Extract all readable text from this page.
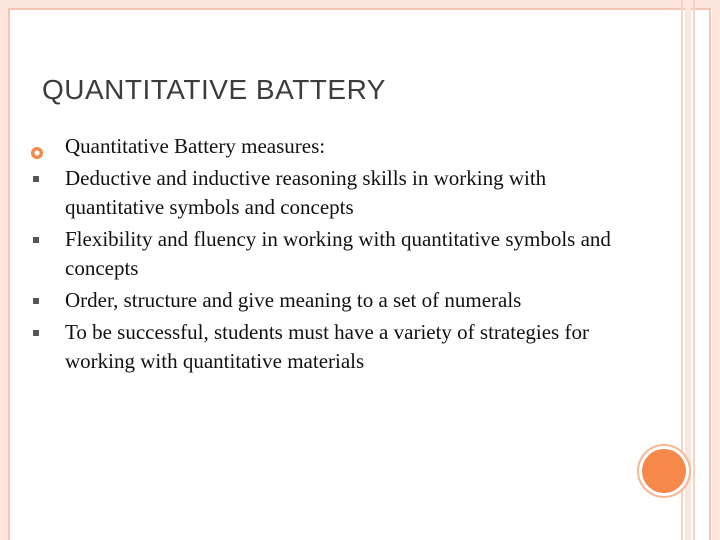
QUANTITATIVE BATTERY
Quantitative Battery measures:
Deductive and inductive reasoning skills in working with quantitative symbols and concepts
Flexibility and fluency in working with quantitative symbols and concepts
Order, structure and give meaning to a set of numerals
To be successful, students must have a variety of strategies for working with quantitative materials
